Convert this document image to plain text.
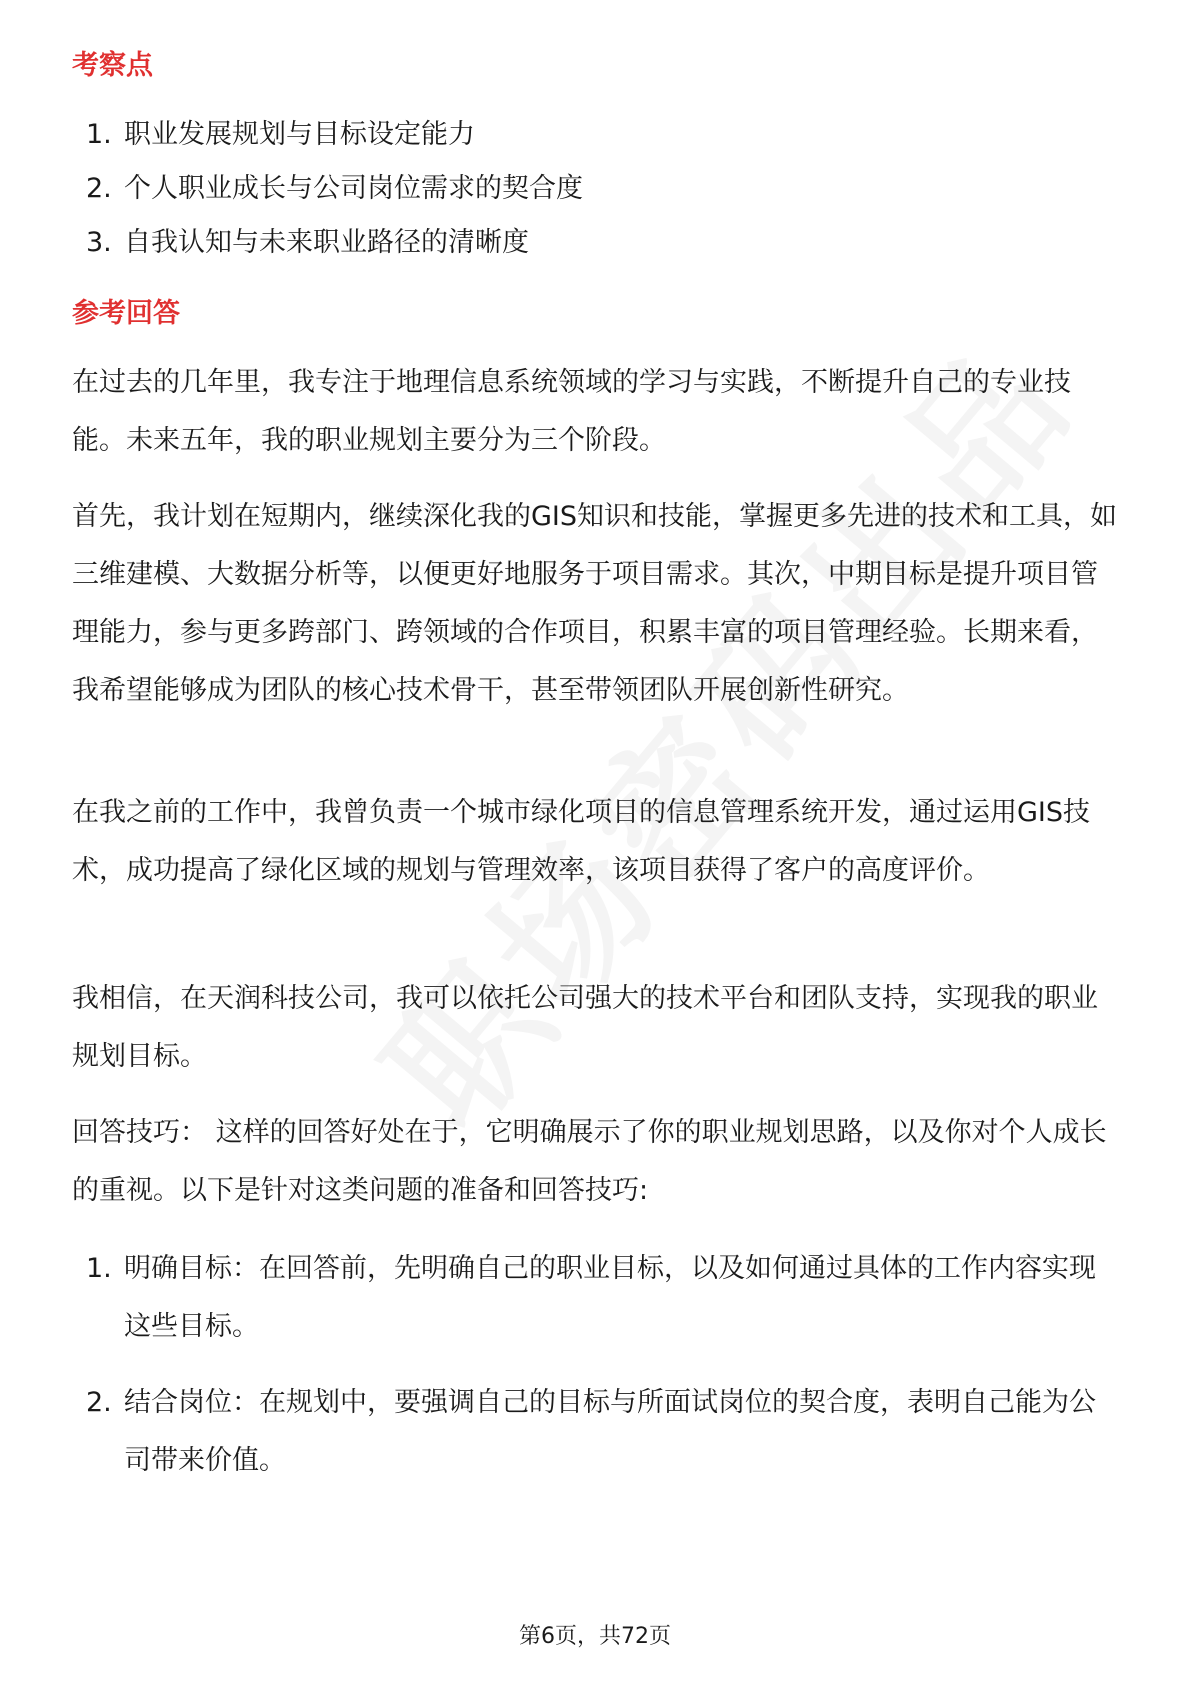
考察点
1. 职业发展规划与目标设定能力
2. 个人职业成长与公司岗位需求的契合度
3. 自我认知与未来职业路径的清晰度
参考回答

在过去的几年里，我专注于地理信息系统领域的学习与实践，不断提升自己的专业技能。未来五年，我的职业规划主要分为三个阶段。

首先，我计划在短期内，继续深化我的GIS知识和技能，掌握更多先进的技术和工具，如三维建模、大数据分析等，以便更好地服务于项目需求。其次，中期目标是提升项目管理能力，参与更多跨部门、跨领域的合作项目，积累丰富的项目管理经验。长期来看，我希望能够成为团队的核心技术骨干，甚至带领团队开展创新性研究。

在我之前的工作中，我曾负责一个城市绿化项目的信息管理系统开发，通过运用GIS技术，成功提高了绿化区域的规划与管理效率，该项目获得了客户的高度评价。

我相信，在天润科技公司，我可以依托公司强大的技术平台和团队支持，实现我的职业规划目标。

回答技巧： 这样的回答好处在于，它明确展示了你的职业规划思路，以及你对个人成长的重视。以下是针对这类问题的准备和回答技巧:

1. 明确目标：在回答前，先明确自己的职业目标，以及如何通过具体的工作内容实现这些目标。
2. 结合岗位：在规划中，要强调自己的目标与所面试岗位的契合度，表明自己能为公司带来价值。
第6页，共72页
